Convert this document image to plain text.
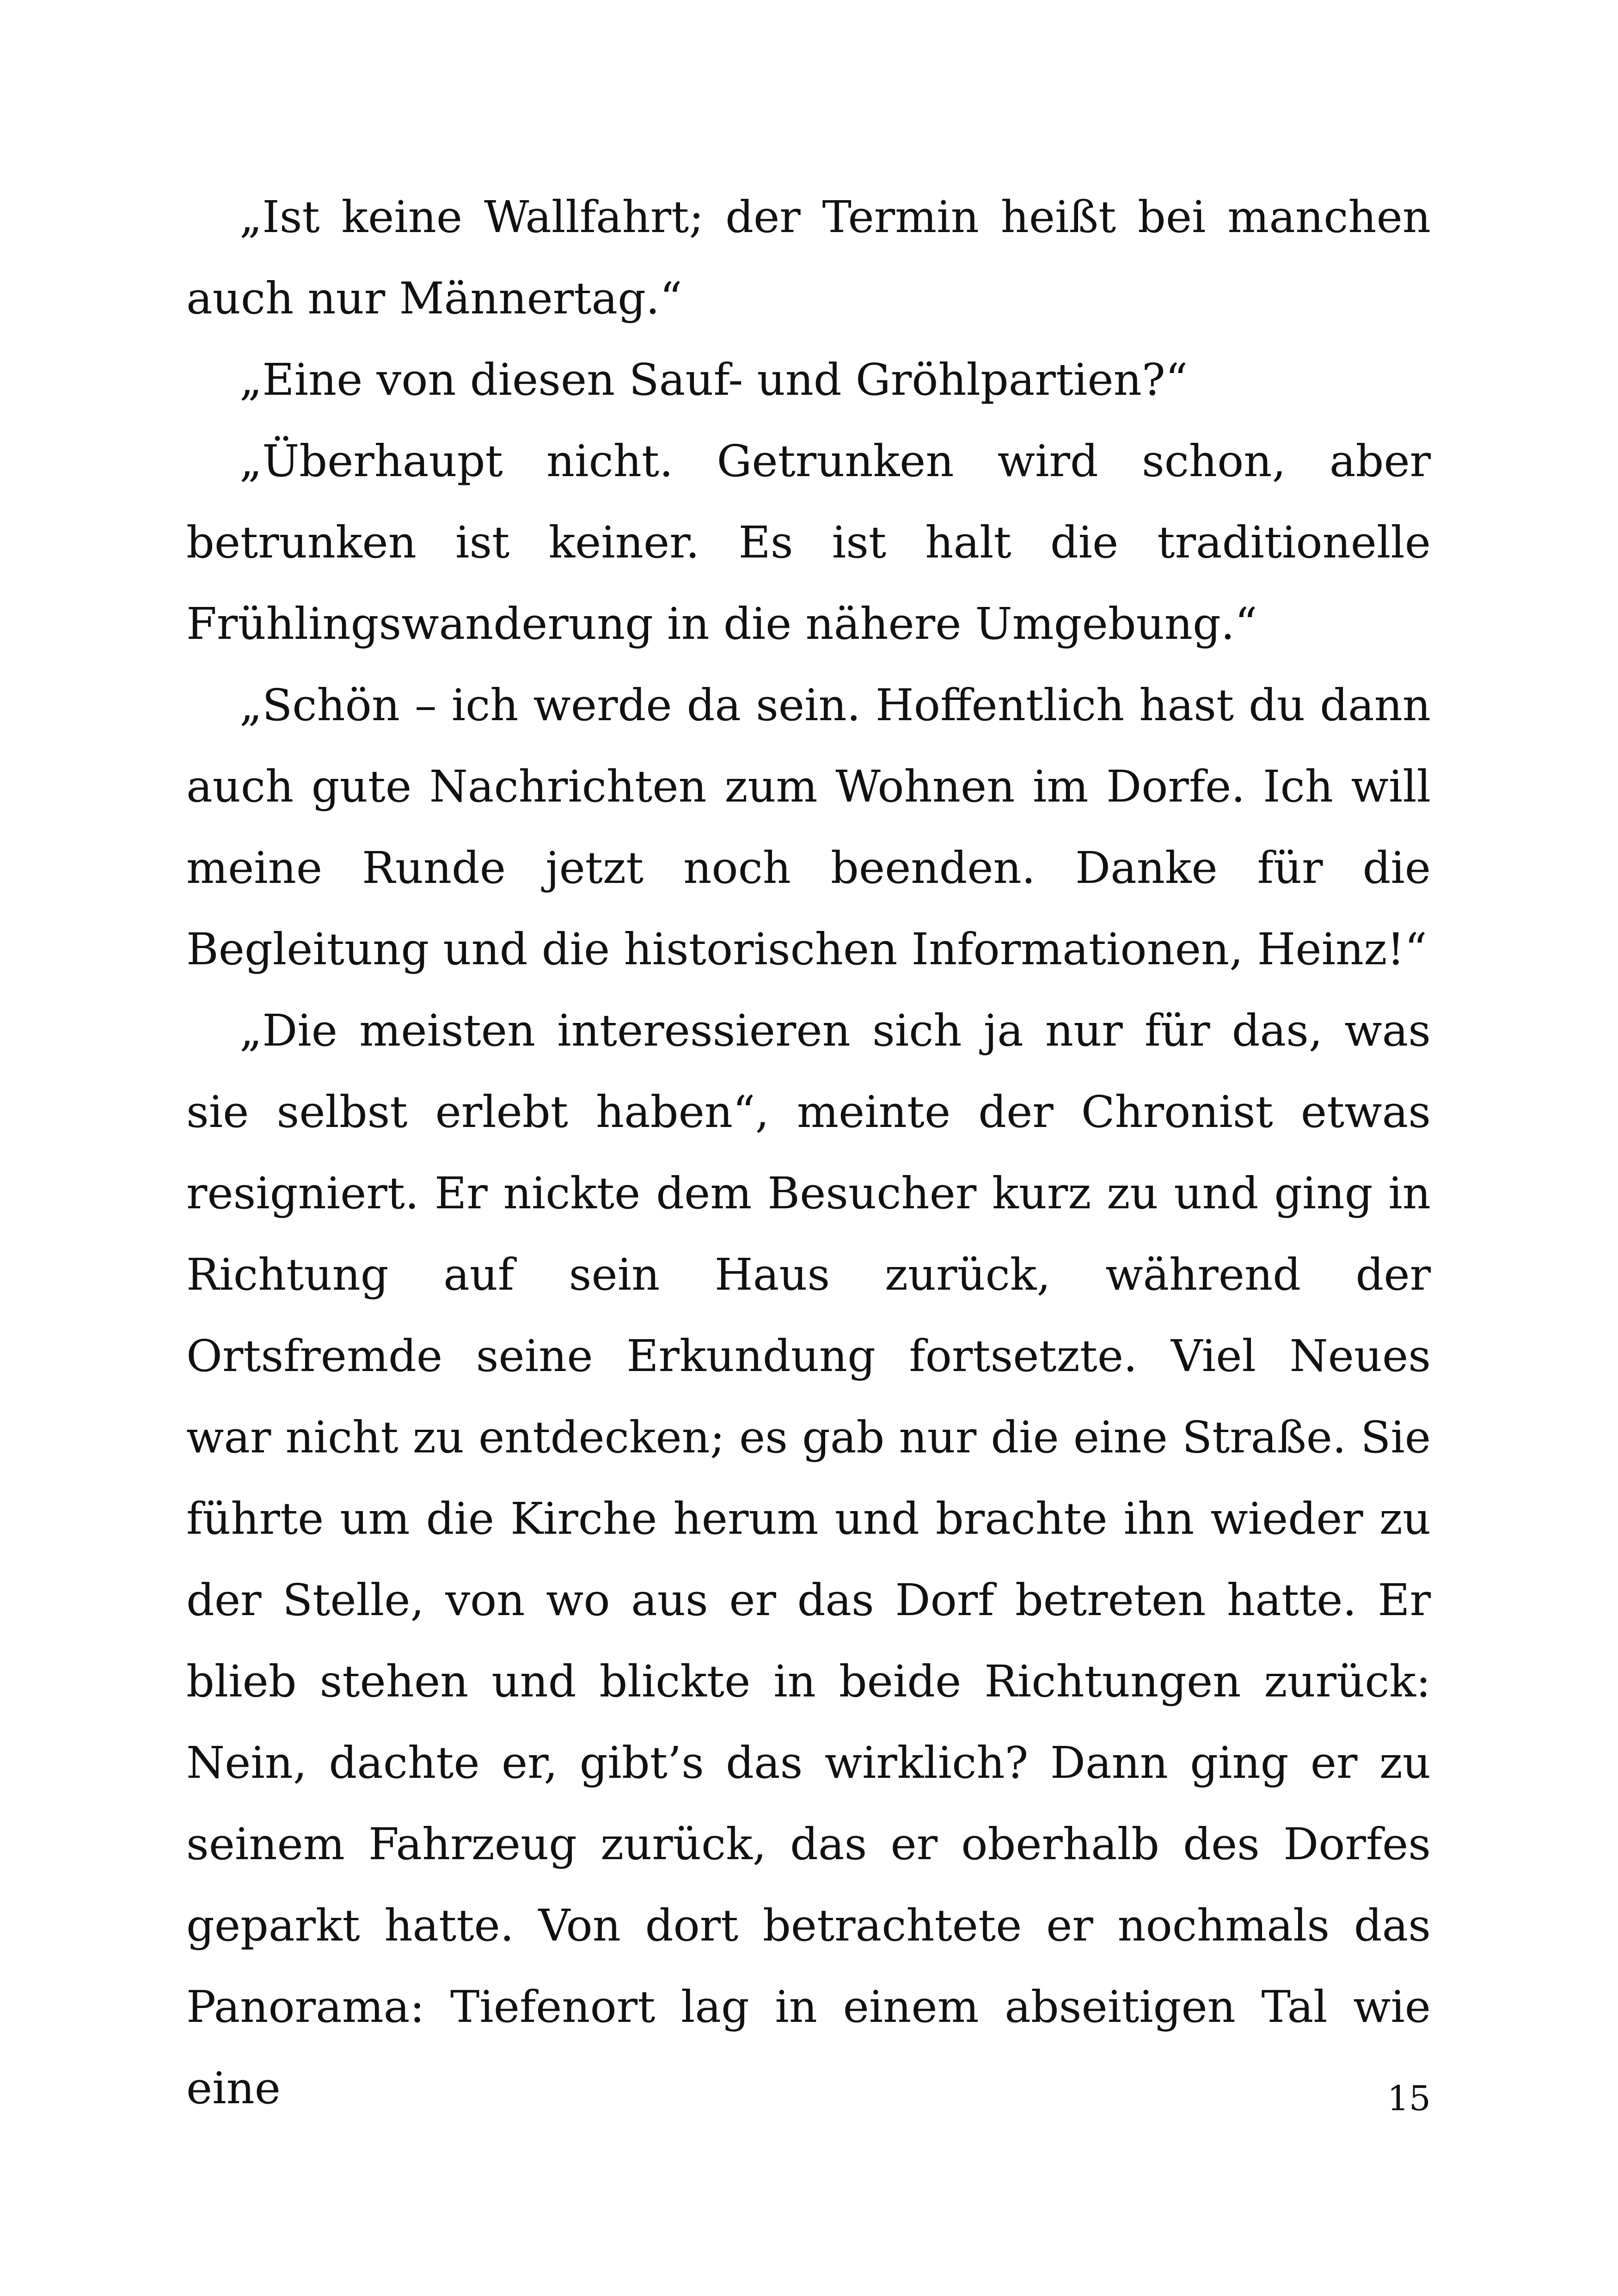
„Ist keine Wallfahrt; der Termin heißt bei manchen auch nur Männertag.“

„Eine von diesen Sauf- und Gröhlpartien?“

„Überhaupt nicht. Getrunken wird schon, aber betrunken ist keiner. Es ist halt die traditionelle Frühlingswanderung in die nähere Umgebung.“

„Schön – ich werde da sein. Hoffentlich hast du dann auch gute Nachrichten zum Wohnen im Dorfe. Ich will meine Runde jetzt noch beenden. Danke für die Begleitung und die historischen Informationen, Heinz!“

„Die meisten interessieren sich ja nur für das, was sie selbst erlebt haben“, meinte der Chronist etwas resigniert. Er nickte dem Besucher kurz zu und ging in Richtung auf sein Haus zurück, während der Ortsfremde seine Erkundung fortsetzte. Viel Neues war nicht zu entdecken; es gab nur die eine Straße. Sie führte um die Kirche herum und brachte ihn wieder zu der Stelle, von wo aus er das Dorf betreten hatte. Er blieb stehen und blickte in beide Richtungen zurück: Nein, dachte er, gibt’s das wirklich? Dann ging er zu seinem Fahrzeug zurück, das er oberhalb des Dorfes geparkt hatte. Von dort betrachtete er nochmals das Panorama: Tiefenort lag in einem abseitigen Tal wie eine	15
